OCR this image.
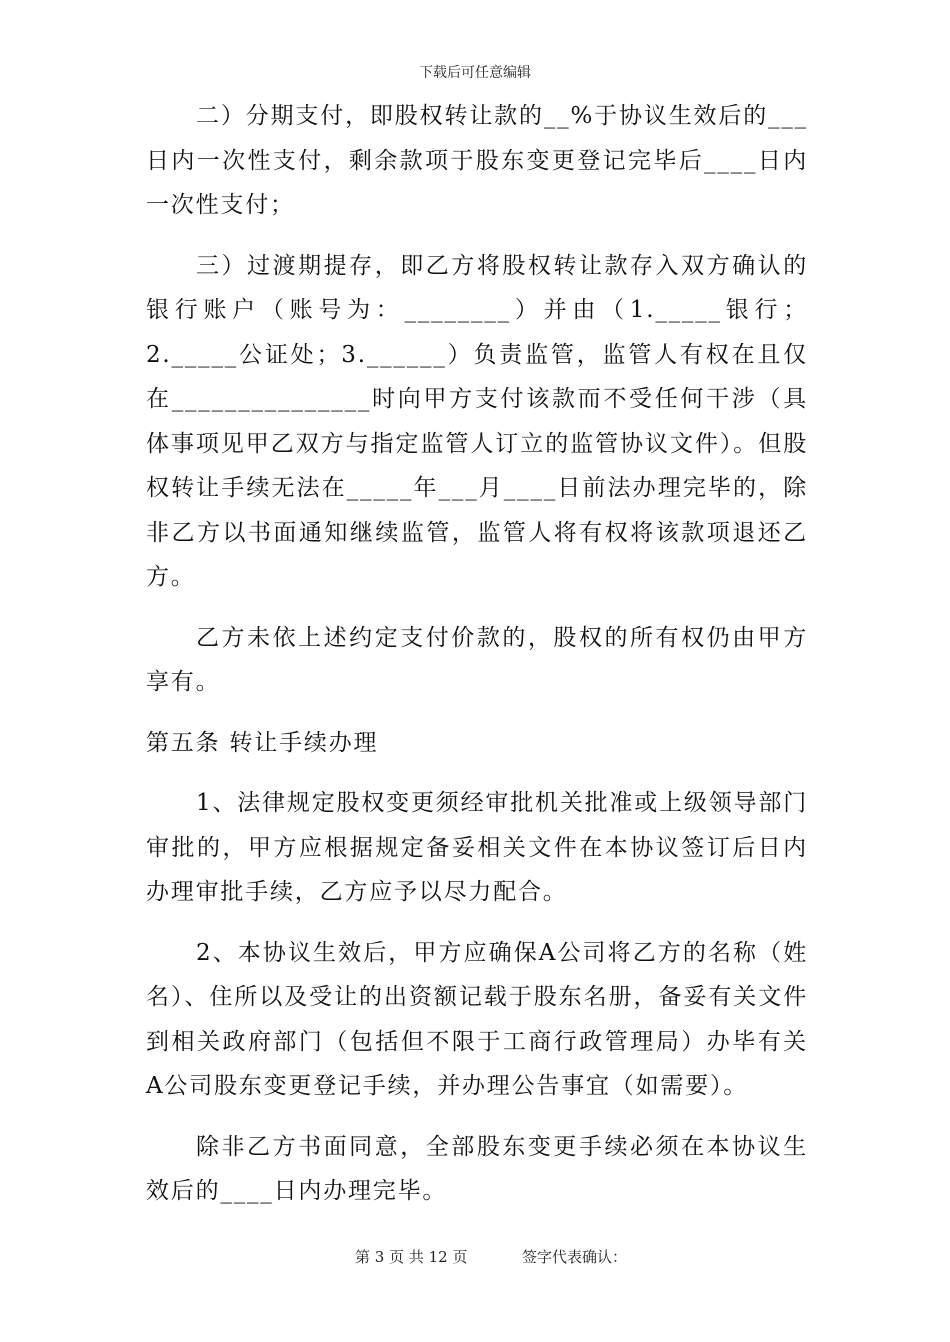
下载后可任意编辑

二）分期支付，即股权转让款的__%于协议生效后的___日内一次性支付，剩余款项于股东变更登记完毕后____日内一次性支付；

三）过渡期提存，即乙方将股权转让款存入双方确认的银行账户（账号为：________）并由（1._____银行；2._____公证处；3.______）负责监管，监管人有权在且仅在_______________时向甲方支付该款而不受任何干涉（具体事项见甲乙双方与指定监管人订立的监管协议文件）。但股权转让手续无法在_____年___月____日前法办理完毕的，除非乙方以书面通知继续监管，监管人将有权将该款项退还乙方。

乙方未依上述约定支付价款的，股权的所有权仍由甲方享有。

第五条 转让手续办理

1、法律规定股权变更须经审批机关批准或上级领导部门审批的，甲方应根据规定备妥相关文件在本协议签订后日内办理审批手续，乙方应予以尽力配合。

2、本协议生效后，甲方应确保A公司将乙方的名称（姓名）、住所以及受让的出资额记载于股东名册，备妥有关文件到相关政府部门（包括但不限于工商行政管理局）办毕有关A公司股东变更登记手续，并办理公告事宜（如需要）。

除非乙方书面同意，全部股东变更手续必须在本协议生效后的____日内办理完毕。

第 3 页 共 12 页	签字代表确认：
